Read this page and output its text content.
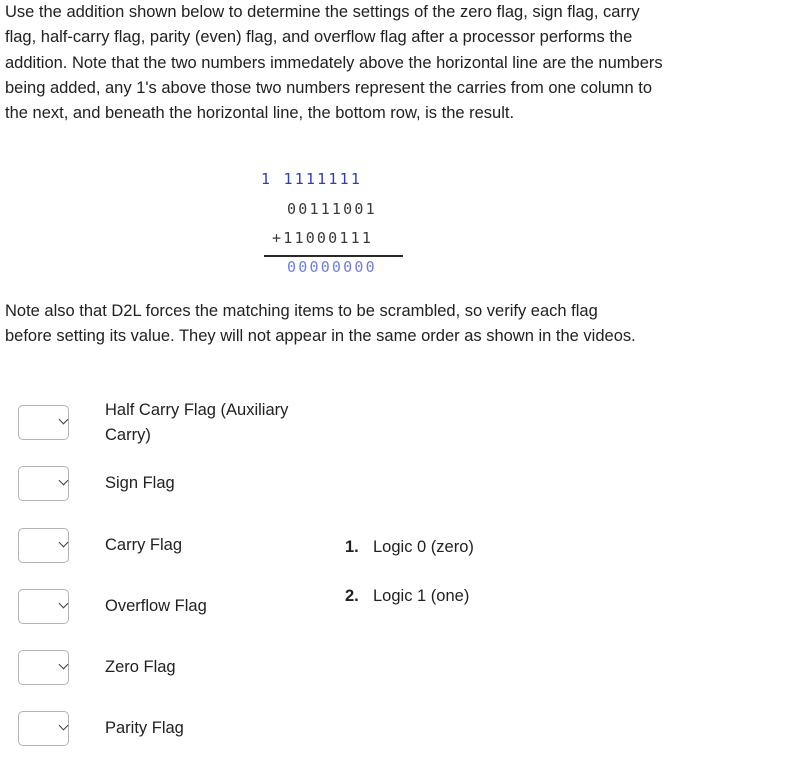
Use the addition shown below to determine the settings of the zero flag, sign flag, carry flag, half-carry flag, parity (even) flag, and overflow flag after a processor performs the addition. Note that the two numbers immedately above the horizontal line are the numbers being added, any 1's above those two numbers represent the carries from one column to the next, and beneath the horizontal line, the bottom row, is the result.

1 1111111
00111001
+11000111
00000000

Note also that D2L forces the matching items to be scrambled, so verify each flag before setting its value. They will not appear in the same order as shown in the videos.

Half Carry Flag (Auxiliary Carry)
Sign Flag
Carry Flag
Overflow Flag
Zero Flag
Parity Flag
1. Logic 0 (zero)
2. Logic 1 (one)
